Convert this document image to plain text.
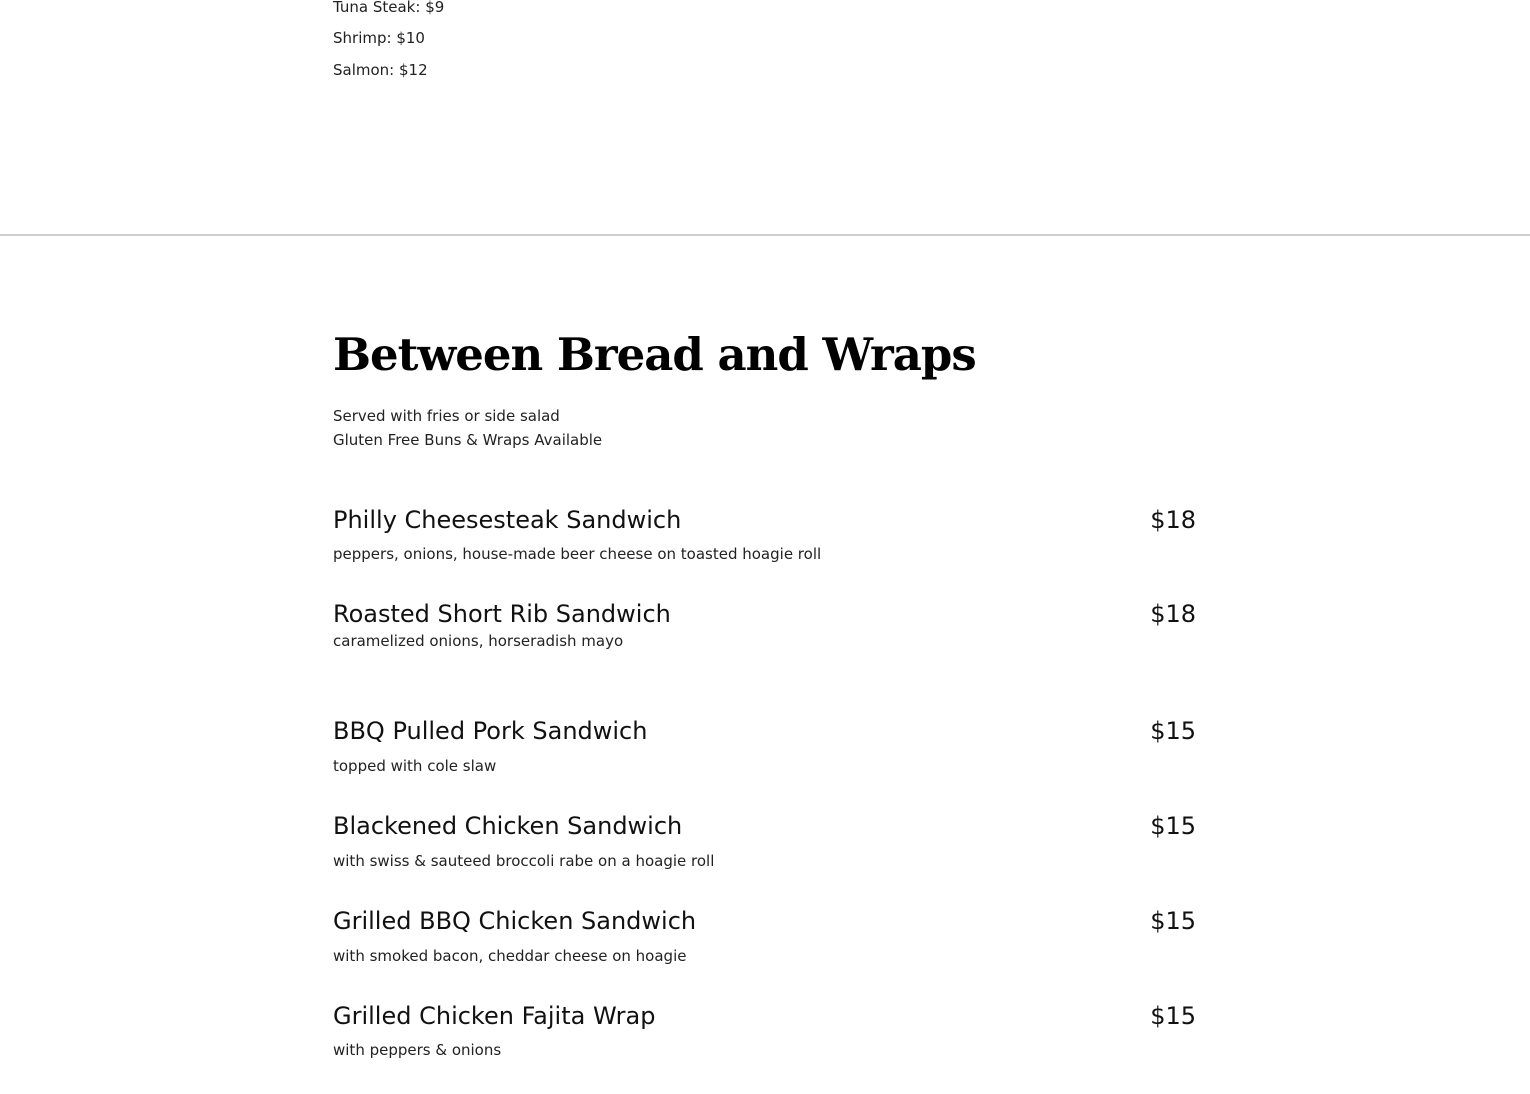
Tuna Steak: $9
Shrimp: $10
Salmon: $12
Between Bread and Wraps
Served with fries or side salad
Gluten Free Buns & Wraps Available
Philly Cheesesteak Sandwich	$18
peppers, onions, house-made beer cheese on toasted hoagie roll
Roasted Short Rib Sandwich	$18
caramelized onions, horseradish mayo
BBQ Pulled Pork Sandwich	$15
topped with cole slaw
Blackened Chicken Sandwich	$15
with swiss & sauteed broccoli rabe on a hoagie roll
Grilled BBQ Chicken Sandwich	$15
with smoked bacon, cheddar cheese on hoagie
Grilled Chicken Fajita Wrap	$15
with peppers & onions
